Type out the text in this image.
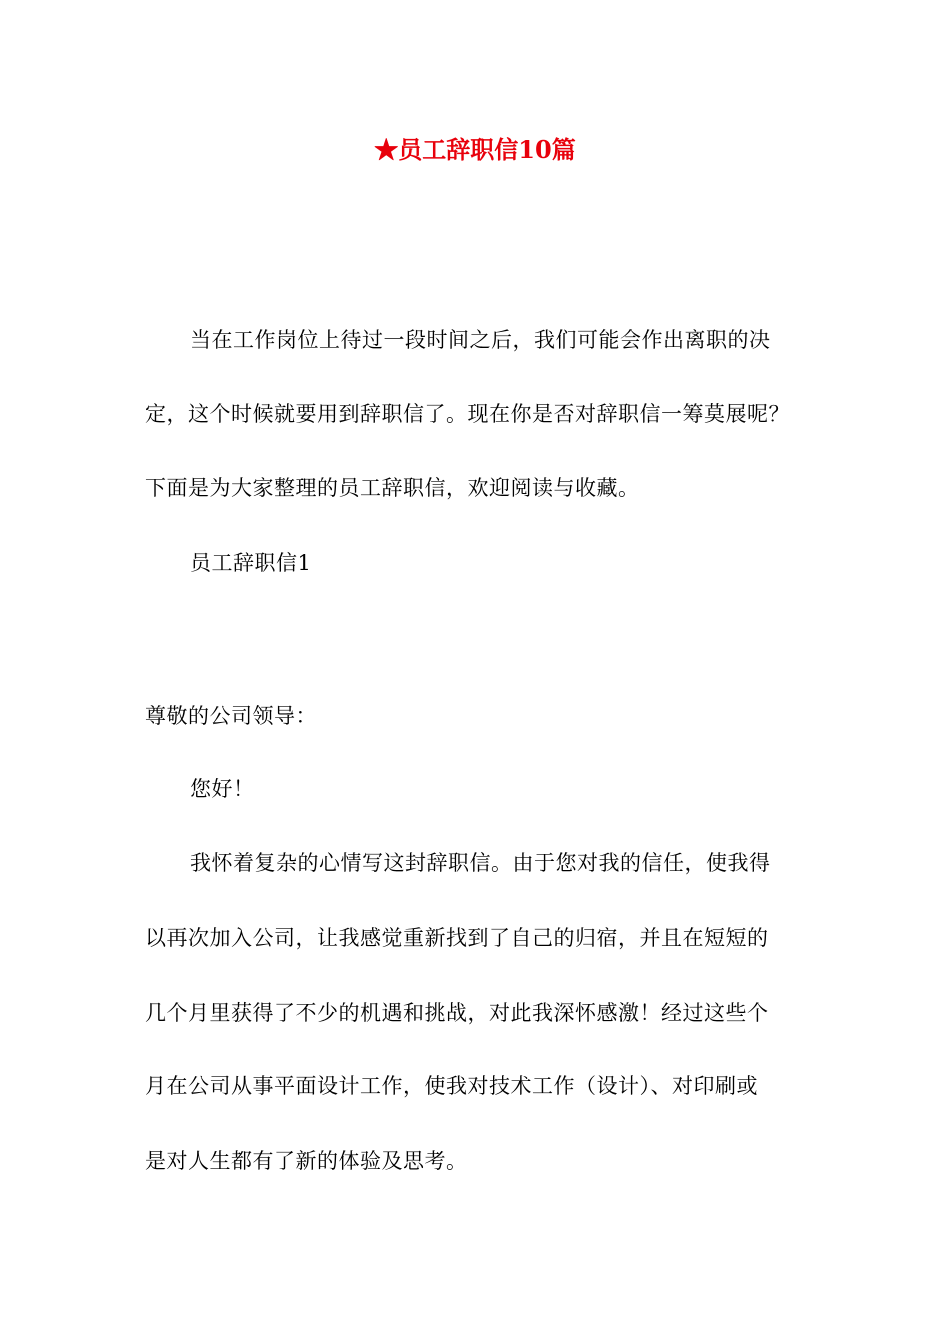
★员工辞职信10篇
当在工作岗位上待过一段时间之后，我们可能会作出离职的决
定，这个时候就要用到辞职信了。现在你是否对辞职信一筹莫展呢？
下面是为大家整理的员工辞职信，欢迎阅读与收藏。
员工辞职信1
尊敬的公司领导：
您好！
我怀着复杂的心情写这封辞职信。由于您对我的信任，使我得
以再次加入公司，让我感觉重新找到了自己的归宿，并且在短短的
几个月里获得了不少的机遇和挑战，对此我深怀感激！经过这些个
月在公司从事平面设计工作，使我对技术工作（设计）、对印刷或
是对人生都有了新的体验及思考。
